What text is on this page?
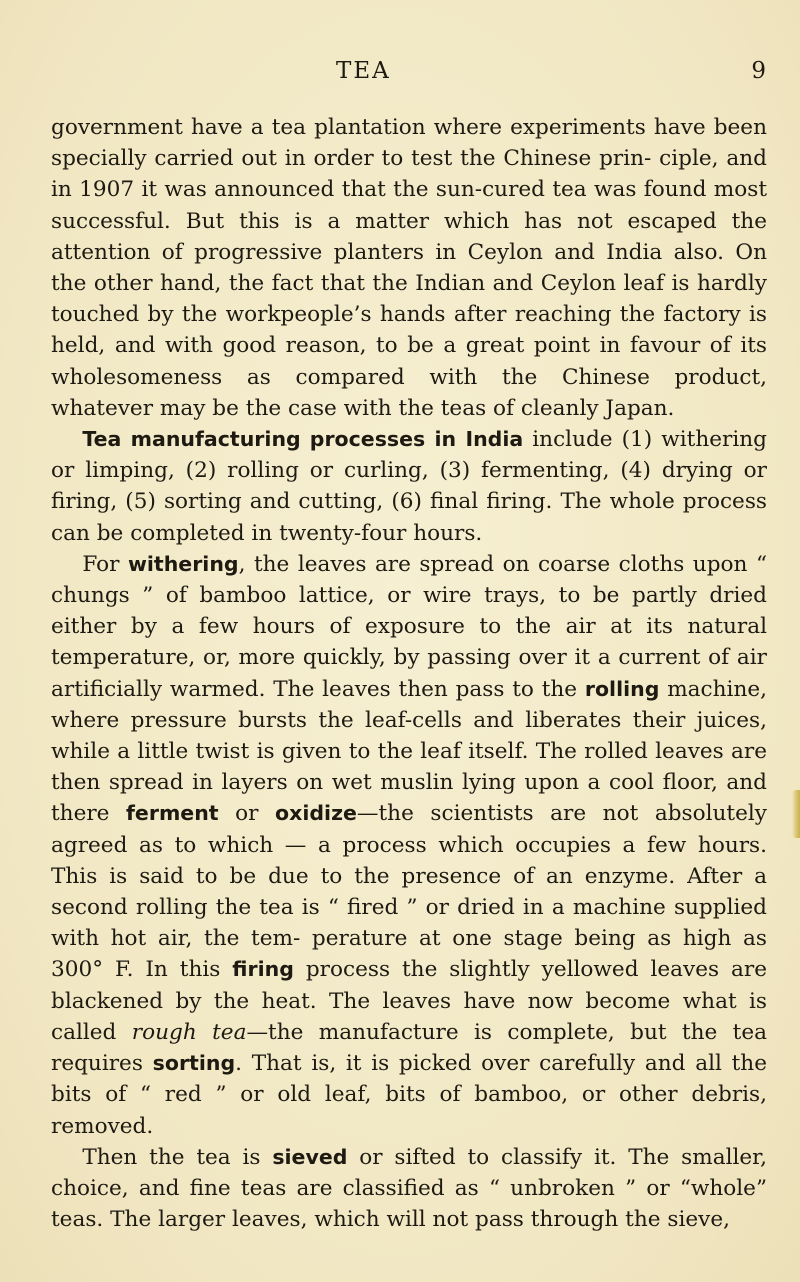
TEA	9

government have a tea plantation where experiments have been specially carried out in order to test the Chinese prin- ciple, and in 1907 it was announced that the sun-cured tea was found most successful. But this is a matter which has not escaped the attention of progressive planters in Ceylon and India also. On the other hand, the fact that the Indian and Ceylon leaf is hardly touched by the workpeople’s hands after reaching the factory is held, and with good reason, to be a great point in favour of its wholesomeness as compared with the Chinese product, whatever may be the case with the teas of cleanly Japan.

Tea manufacturing processes in India include (1) withering or limping, (2) rolling or curling, (3) fermenting, (4) drying or firing, (5) sorting and cutting, (6) final firing. The whole process can be completed in twenty-four hours.

For withering, the leaves are spread on coarse cloths upon “ chungs ” of bamboo lattice, or wire trays, to be partly dried either by a few hours of exposure to the air at its natural temperature, or, more quickly, by passing over it a current of air artificially warmed. The leaves then pass to the rolling machine, where pressure bursts the leaf-cells and liberates their juices, while a little twist is given to the leaf itself. The rolled leaves are then spread in layers on wet muslin lying upon a cool floor, and there ferment or oxidize—the scientists are not absolutely agreed as to which — a process which occupies a few hours. This is said to be due to the presence of an enzyme. After a second rolling the tea is “ fired ” or dried in a machine supplied with hot air, the tem- perature at one stage being as high as 300° F. In this firing process the slightly yellowed leaves are blackened by the heat. The leaves have now become what is called rough tea—the manufacture is complete, but the tea requires sorting. That is, it is picked over carefully and all the bits of “ red ” or old leaf, bits of bamboo, or other debris, removed.

Then the tea is sieved or sifted to classify it. The smaller, choice, and fine teas are classified as “ unbroken ” or “whole” teas. The larger leaves, which will not pass through the sieve,
